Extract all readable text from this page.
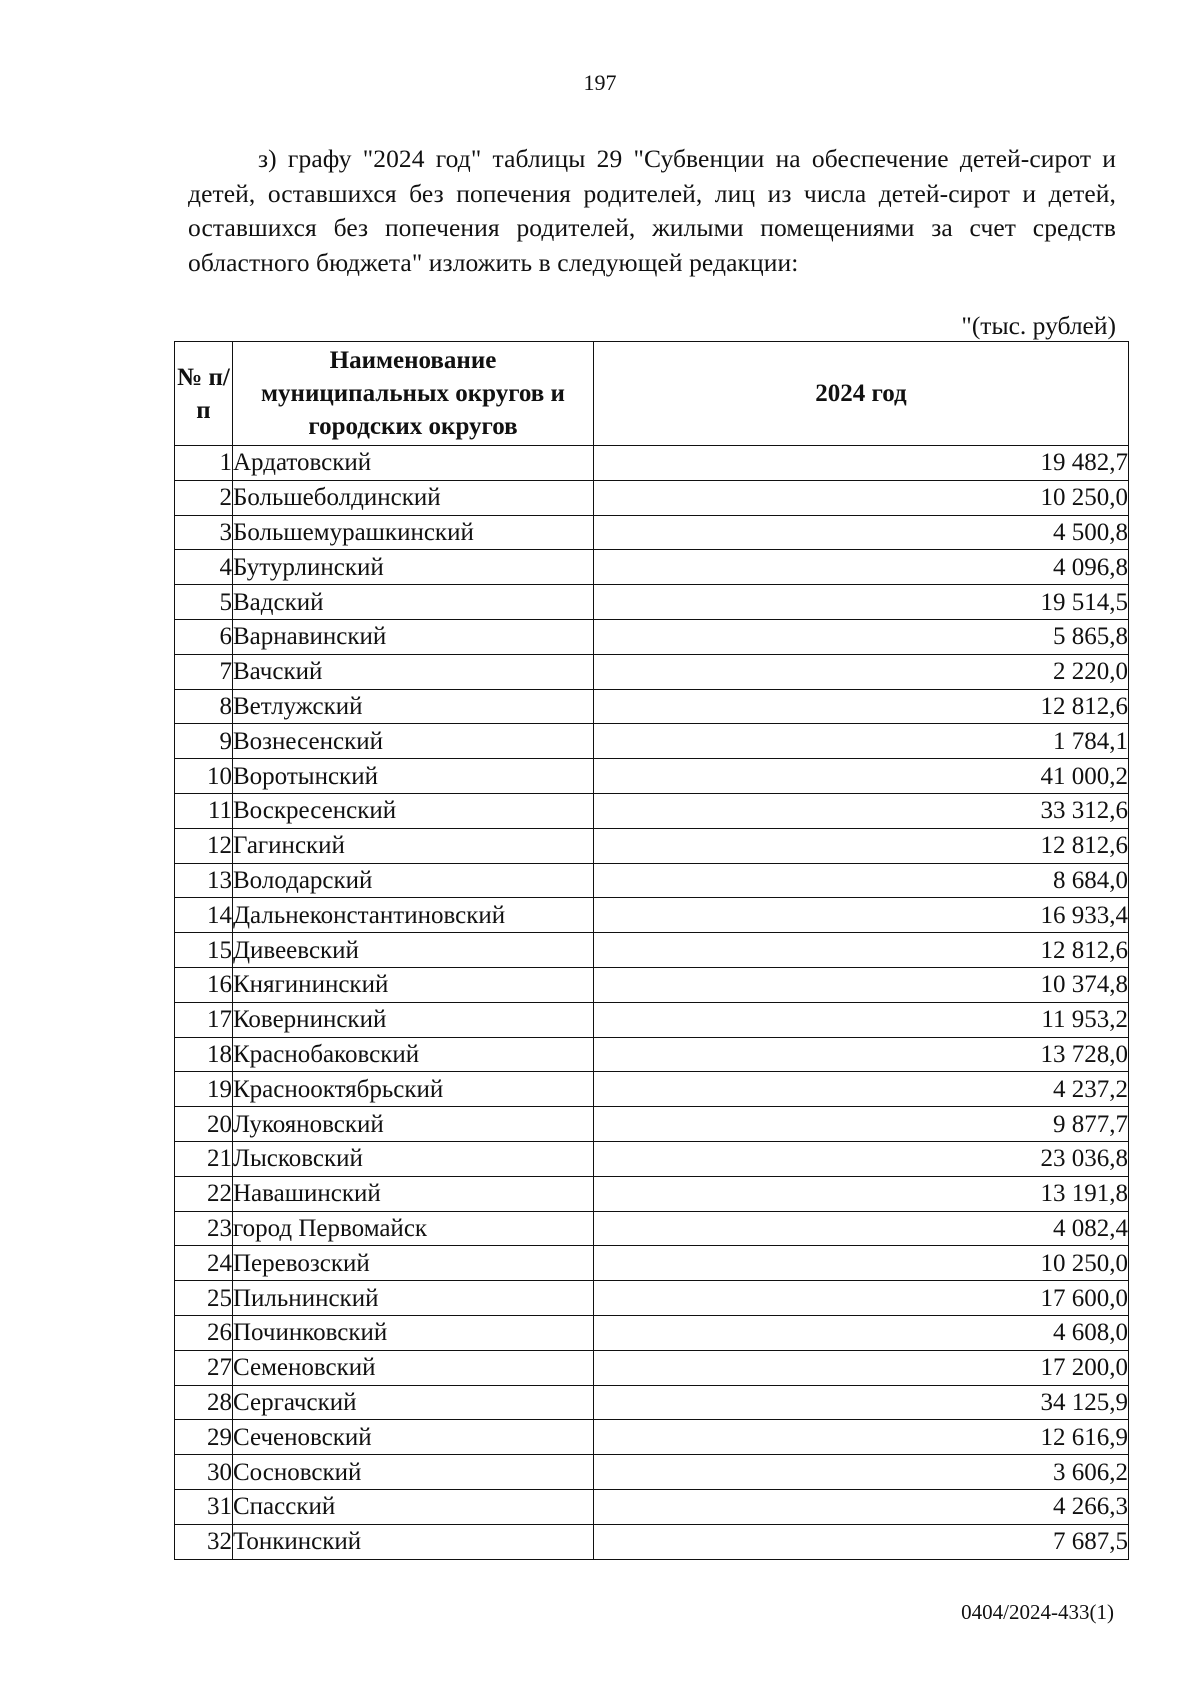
197

з) графу "2024 год" таблицы 29 "Субвенции на обеспечение детей-сирот и детей, оставшихся без попечения родителей, лиц из числа детей-сирот и детей, оставшихся без попечения родителей, жилыми помещениями за счет средств областного бюджета" изложить в следующей редакции:

"(тыс. рублей)
№ п/п	Наименование муниципальных округов и городских округов	2024 год
1	Ардатовский	19 482,7
2	Большеболдинский	10 250,0
3	Большемурашкинский	4 500,8
4	Бутурлинский	4 096,8
5	Вадский	19 514,5
6	Варнавинский	5 865,8
7	Вачский	2 220,0
8	Ветлужский	12 812,6
9	Вознесенский	1 784,1
10	Воротынский	41 000,2
11	Воскресенский	33 312,6
12	Гагинский	12 812,6
13	Володарский	8 684,0
14	Дальнеконстантиновский	16 933,4
15	Дивеевский	12 812,6
16	Княгининский	10 374,8
17	Ковернинский	11 953,2
18	Краснобаковский	13 728,0
19	Краснооктябрьский	4 237,2
20	Лукояновский	9 877,7
21	Лысковский	23 036,8
22	Навашинский	13 191,8
23	город Первомайск	4 082,4
24	Перевозский	10 250,0
25	Пильнинский	17 600,0
26	Починковский	4 608,0
27	Семеновский	17 200,0
28	Сергачский	34 125,9
29	Сеченовский	12 616,9
30	Сосновский	3 606,2
31	Спасский	4 266,3
32	Тонкинский	7 687,5
0404/2024-433(1)
